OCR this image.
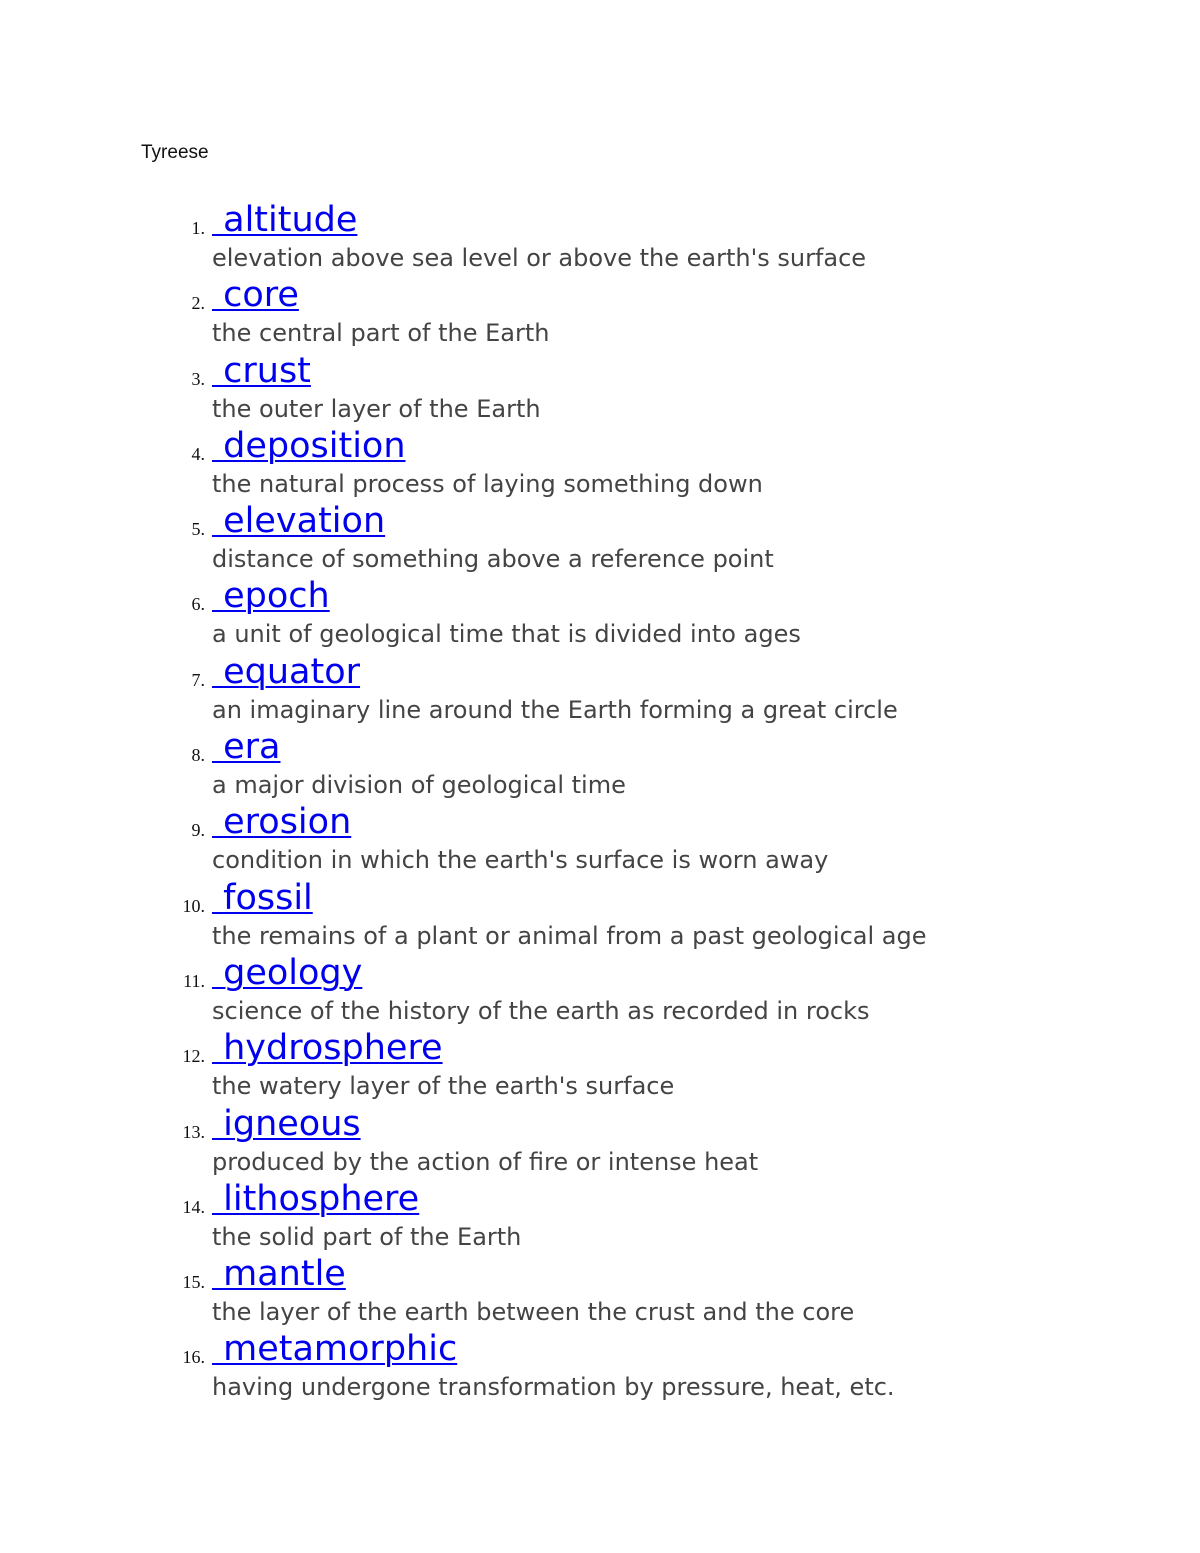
Tyreese
1. altitude
elevation above sea level or above the earth's surface
2. core
the central part of the Earth
3. crust
the outer layer of the Earth
4. deposition
the natural process of laying something down
5. elevation
distance of something above a reference point
6. epoch
a unit of geological time that is divided into ages
7. equator
an imaginary line around the Earth forming a great circle
8. era
a major division of geological time
9. erosion
condition in which the earth's surface is worn away
10. fossil
the remains of a plant or animal from a past geological age
11. geology
science of the history of the earth as recorded in rocks
12. hydrosphere
the watery layer of the earth's surface
13. igneous
produced by the action of fire or intense heat
14. lithosphere
the solid part of the Earth
15. mantle
the layer of the earth between the crust and the core
16. metamorphic
having undergone transformation by pressure, heat, etc.
